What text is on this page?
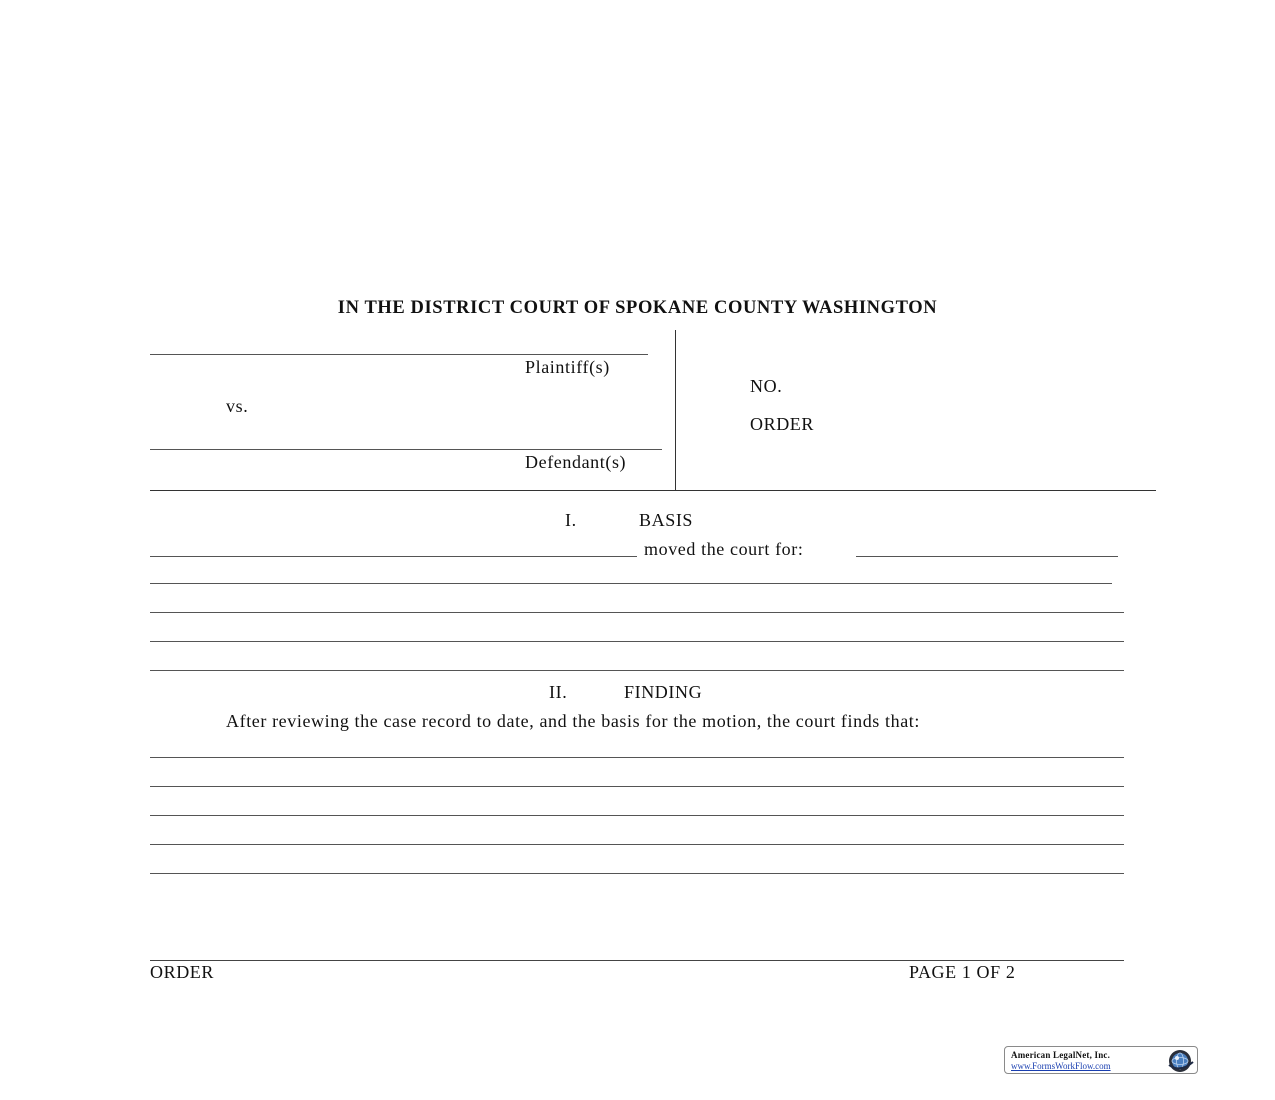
IN THE DISTRICT COURT OF SPOKANE COUNTY WASHINGTON
Plaintiff(s)
vs.
Defendant(s)
NO.
ORDER
I.	BASIS
moved the court for:
II.	FINDING
After reviewing the case record to date, and the basis for the motion, the court finds that:
ORDER	PAGE 1 OF 2
American LegalNet, Inc.
www.FormsWorkFlow.com
